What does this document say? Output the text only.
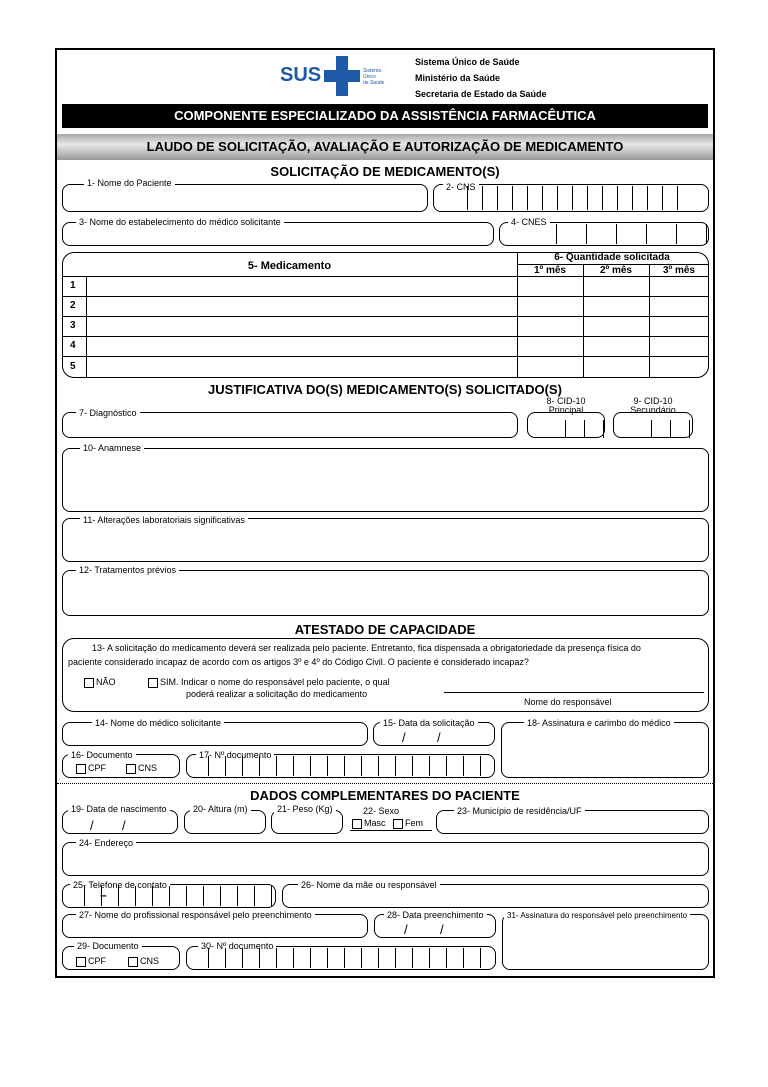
SUS	Sistema
Único
de Saúde
Sistema Único de Saúde
Ministério da Saúde
Secretaria de Estado da Saúde
COMPONENTE ESPECIALIZADO DA ASSISTÊNCIA FARMACÊUTICA
LAUDO DE SOLICITAÇÃO, AVALIAÇÃO E AUTORIZAÇÃO DE MEDICAMENTO
SOLICITAÇÃO DE MEDICAMENTO(S)
1- Nome do Paciente	2- CNS
3- Nome do estabelecimento do médico solicitante	4- CNES
5- Medicamento
6- Quantidade solicitada
1º mês	2º mês	3º mês
1
2
3
4
5
JUSTIFICATIVA DO(S) MEDICAMENTO(S) SOLICITADO(S)
7- Diagnóstico
8- CID-10
Principal
9- CID-10
Secundário
10- Anamnese
11- Alterações laboratoriais significativas
12- Tratamentos prévios
ATESTADO DE CAPACIDADE
13- A solicitação do medicamento deverá ser realizada pelo paciente. Entretanto, fica dispensada a obrigatoriedade da presença física do
paciente considerado incapaz de acordo com os artigos 3º e 4º do Código Civil. O paciente é considerado incapaz?
NÃO	SIM. Indicar o nome do responsável pelo paciente, o qual
poderá realizar a solicitação do medicamento
Nome do responsável
14- Nome do médico solicitante	15- Data da solicitação
/ /
18- Assinatura e carimbo do médico
16- Documento
CPF	CNS
17- Nº documento
DADOS COMPLEMENTARES DO PACIENTE
19- Data de nascimento
/ /
20- Altura (m)	21- Peso (Kg)	22- Sexo
Masc	Fem
23- Município de residência/UF
24- Endereço
25- Telefone de contato
–
26- Nome da mãe ou responsável
27- Nome do profissional responsável pelo preenchimento	28- Data preenchimento
/ /
31- Assinatura do responsável pelo preenchimento
29- Documento
CPF	CNS
30- Nº documento
